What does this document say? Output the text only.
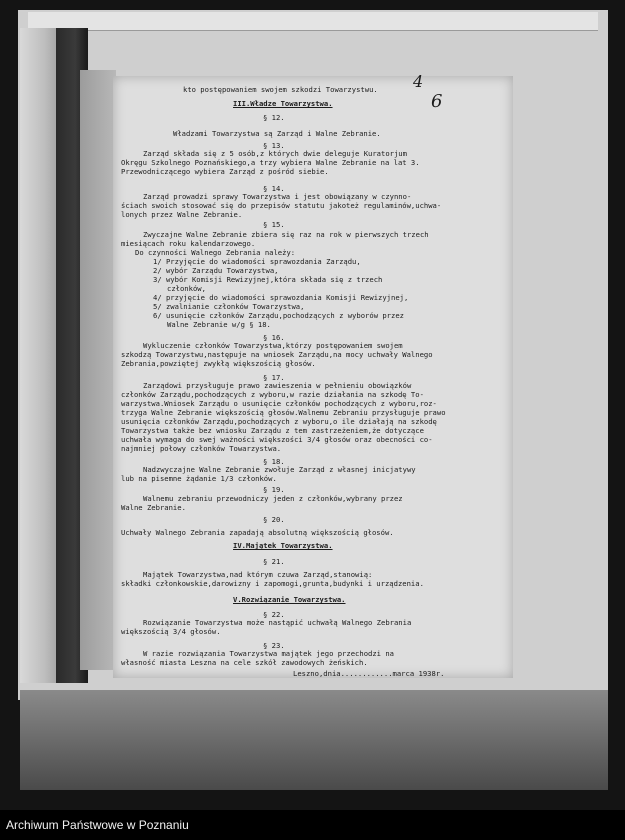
4
6
kto postępowaniem swojem szkodzi Towarzystwu.
III.Władze Towarzystwa.
§ 12.
Władzami Towarzystwa są Zarząd i Walne Zebranie.
§ 13.
Zarząd składa się z 5 osób,z których dwie deleguje Kuratorjum
Okręgu Szkolnego Poznańskiego,a trzy wybiera Walne Zebranie na lat 3.
Przewodniczącego wybiera Zarząd z pośród siebie.
§ 14.
Zarząd prowadzi sprawy Towarzystwa i jest obowiązany w czynno-
ściach swoich stosować się do przepisów statutu jakoteż regulaminów,uchwa-
lonych przez Walne Zebranie.
§ 15.
Zwyczajne Walne Zebranie zbiera się raz na rok w pierwszych trzech
miesiącach roku kalendarzowego.
Do czynności Walnego Zebrania należy:
1/ Przyjęcie do wiadomości sprawozdania Zarządu,
2/ wybór Zarządu Towarzystwa,
3/ wybór Komisji Rewizyjnej,która składa się z trzech
członków,
4/ przyjęcie do wiadomości sprawozdania Komisji Rewizyjnej,
5/ zwalnianie członków Towarzystwa,
6/ usunięcie członków Zarządu,pochodzących z wyborów przez
Walne Zebranie w/g § 18.
§ 16.
Wykluczenie członków Towarzystwa,którzy postępowaniem swojem
szkodzą Towarzystwu,następuje na wniosek Zarządu,na mocy uchwały Walnego
Zebrania,powziętej zwykłą większością głosów.
§ 17.
Zarządowi przysługuje prawo zawieszenia w pełnieniu obowiązków
członków Zarządu,pochodzących z wyboru,w razie działania na szkodę To-
warzystwa.Wniosek Zarządu o usunięcie członków pochodzących z wyboru,roz-
trzyga Walne Zebranie większością głosów.Walnemu Zebraniu przysługuje prawo
usunięcia członków Zarządu,pochodzących z wyboru,o ile działają na szkodę
Towarzystwa także bez wniosku Zarządu z tem zastrzeżeniem,że dotyczące
uchwała wymaga do swej ważności większości 3/4 głosów oraz obecności co-
najmniej połowy członków Towarzystwa.
§ 18.
Nadzwyczajne Walne Zebranie zwołuje Zarząd z własnej inicjatywy
lub na pisemne żądanie 1/3 członków.
§ 19.
Walnemu zebraniu przewodniczy jeden z członków,wybrany przez
Walne Zebranie.
§ 20.
Uchwały Walnego Zebrania zapadają absolutną większością głosów.
IV.Majątek Towarzystwa.
§ 21.
Majątek Towarzystwa,nad którym czuwa Zarząd,stanowią:
składki członkowskie,darowizny i zapomogi,grunta,budynki i urządzenia.
V.Rozwiązanie Towarzystwa.
§ 22.
Rozwiązanie Towarzystwa może nastąpić uchwałą Walnego Zebrania
większością 3/4 głosów.
§ 23.
W razie rozwiązania Towarzystwa majątek jego przechodzi na
własność miasta Leszna na cele szkół zawodowych żeńskich.
Leszno,dnia............marca 1938r.
Archiwum Państwowe w Poznaniu
